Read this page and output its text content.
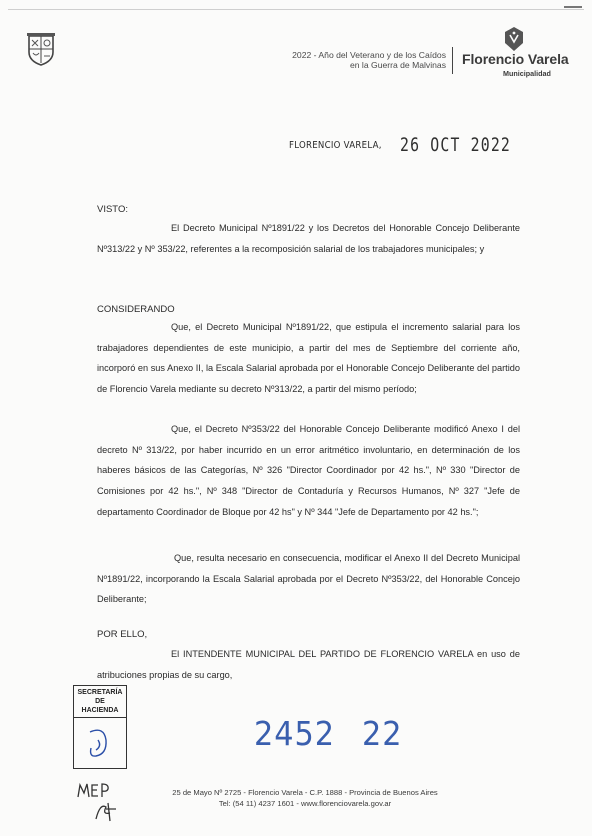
2022 - Año del Veterano y de los Caídos
en la Guerra de Malvinas Florencio Varela
Municipalidad
FLORENCIO VARELA, 26 OCT 2022
VISTO:
El Decreto Municipal Nº1891/22 y los Decretos del Honorable Concejo Deliberante Nº313/22 y Nº 353/22, referentes a la recomposición salarial de los trabajadores municipales; y
CONSIDERANDO
Que, el Decreto Municipal Nº1891/22, que estipula el incremento salarial para los trabajadores dependientes de este municipio, a partir del mes de Septiembre del corriente año, incorporó en sus Anexo II, la Escala Salarial aprobada por el Honorable Concejo Deliberante del partido de Florencio Varela mediante su decreto Nº313/22, a partir del mismo período;
Que, el Decreto Nº353/22 del Honorable Concejo Deliberante modificó Anexo I del decreto Nº 313/22, por haber incurrido en un error aritmético involuntario, en determinación de los haberes básicos de las Categorías, Nº 326 "Director Coordinador por 42 hs.", Nº 330 "Director de Comisiones por 42 hs.", Nº 348 "Director de Contaduría y Recursos Humanos, Nº 327 "Jefe de departamento Coordinador de Bloque por 42 hs" y Nº 344 "Jefe de Departamento por 42 hs.";
Que, resulta necesario en consecuencia, modificar el Anexo II del Decreto Municipal Nº1891/22, incorporando la Escala Salarial aprobada por el Decreto Nº353/22, del Honorable Concejo Deliberante;
POR ELLO,
El INTENDENTE MUNICIPAL DEL PARTIDO DE FLORENCIO VARELA en uso de atribuciones propias de su cargo,
SECRETARÍA
DE
HACIENDA
2452 22
25 de Mayo Nº 2725 - Florencio Varela - C.P. 1888 - Provincia de Buenos Aires
Tel: (54 11) 4237 1601 - www.florenciovarela.gov.ar
